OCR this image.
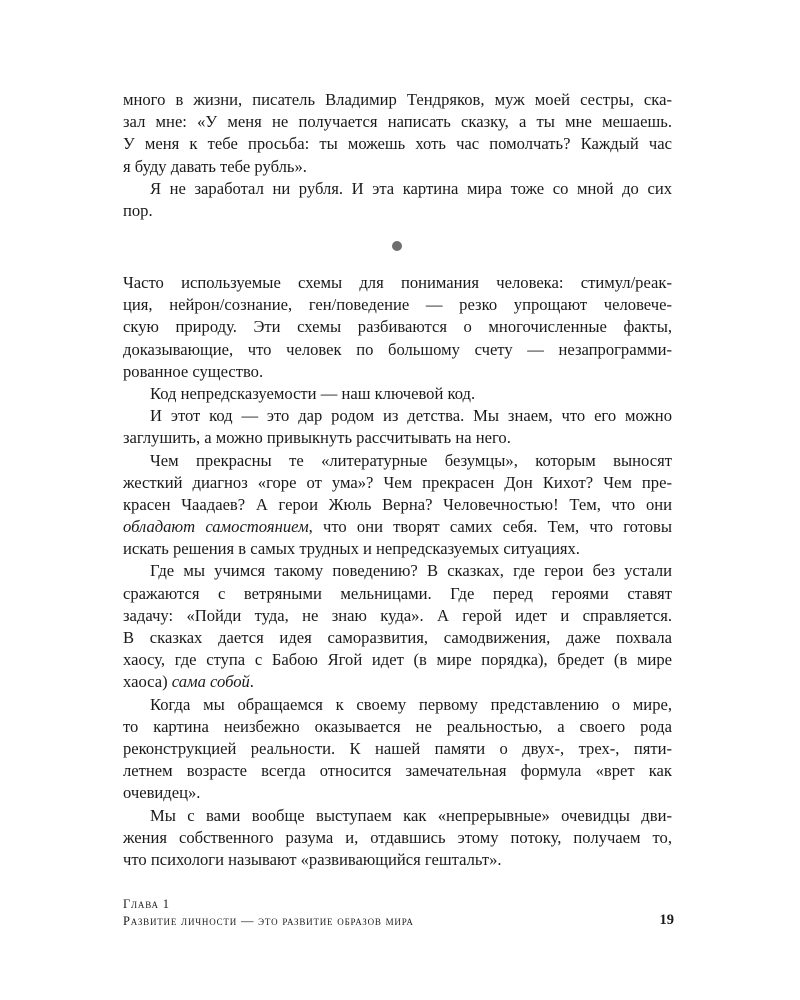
много в жизни, писатель Владимир Тендряков, муж моей сестры, ска-
зал мне: «У меня не получается написать сказку, а ты мне мешаешь.
У меня к тебе просьба: ты можешь хоть час помолчать? Каждый час
я буду давать тебе рубль».
Я не заработал ни рубля. И эта картина мира тоже со мной до сих
пор.
Часто используемые схемы для понимания человека: стимул/реак-
ция, нейрон/сознание, ген/поведение — резко упрощают человече-
скую природу. Эти схемы разбиваются о многочисленные факты,
доказывающие, что человек по большому счету — незапрограмми-
рованное существо.
Код непредсказуемости — наш ключевой код.
И этот код — это дар родом из детства. Мы знаем, что его можно
заглушить, а можно привыкнуть рассчитывать на него.
Чем прекрасны те «литературные безумцы», которым выносят
жесткий диагноз «горе от ума»? Чем прекрасен Дон Кихот? Чем пре-
красен Чаадаев? А герои Жюль Верна? Человечностью! Тем, что они
обладают самостоянием, что они творят самих себя. Тем, что готовы
искать решения в самых трудных и непредсказуемых ситуациях.
Где мы учимся такому поведению? В сказках, где герои без устали
сражаются с ветряными мельницами. Где перед героями ставят
задачу: «Пойди туда, не знаю куда». А герой идет и справляется.
В сказках дается идея саморазвития, самодвижения, даже похвала
хаосу, где ступа с Бабою Ягой идет (в мире порядка), бредет (в мире
хаоса) сама собой.
Когда мы обращаемся к своему первому представлению о мире,
то картина неизбежно оказывается не реальностью, а своего рода
реконструкцией реальности. К нашей памяти о двух-, трех-, пяти-
летнем возрасте всегда относится замечательная формула «врет как
очевидец».
Мы с вами вообще выступаем как «непрерывные» очевидцы дви-
жения собственного разума и, отдавшись этому потоку, получаем то,
что психологи называют «развивающийся гештальт».
Глава 1
Развитие личности — это развитие образов мира	19
